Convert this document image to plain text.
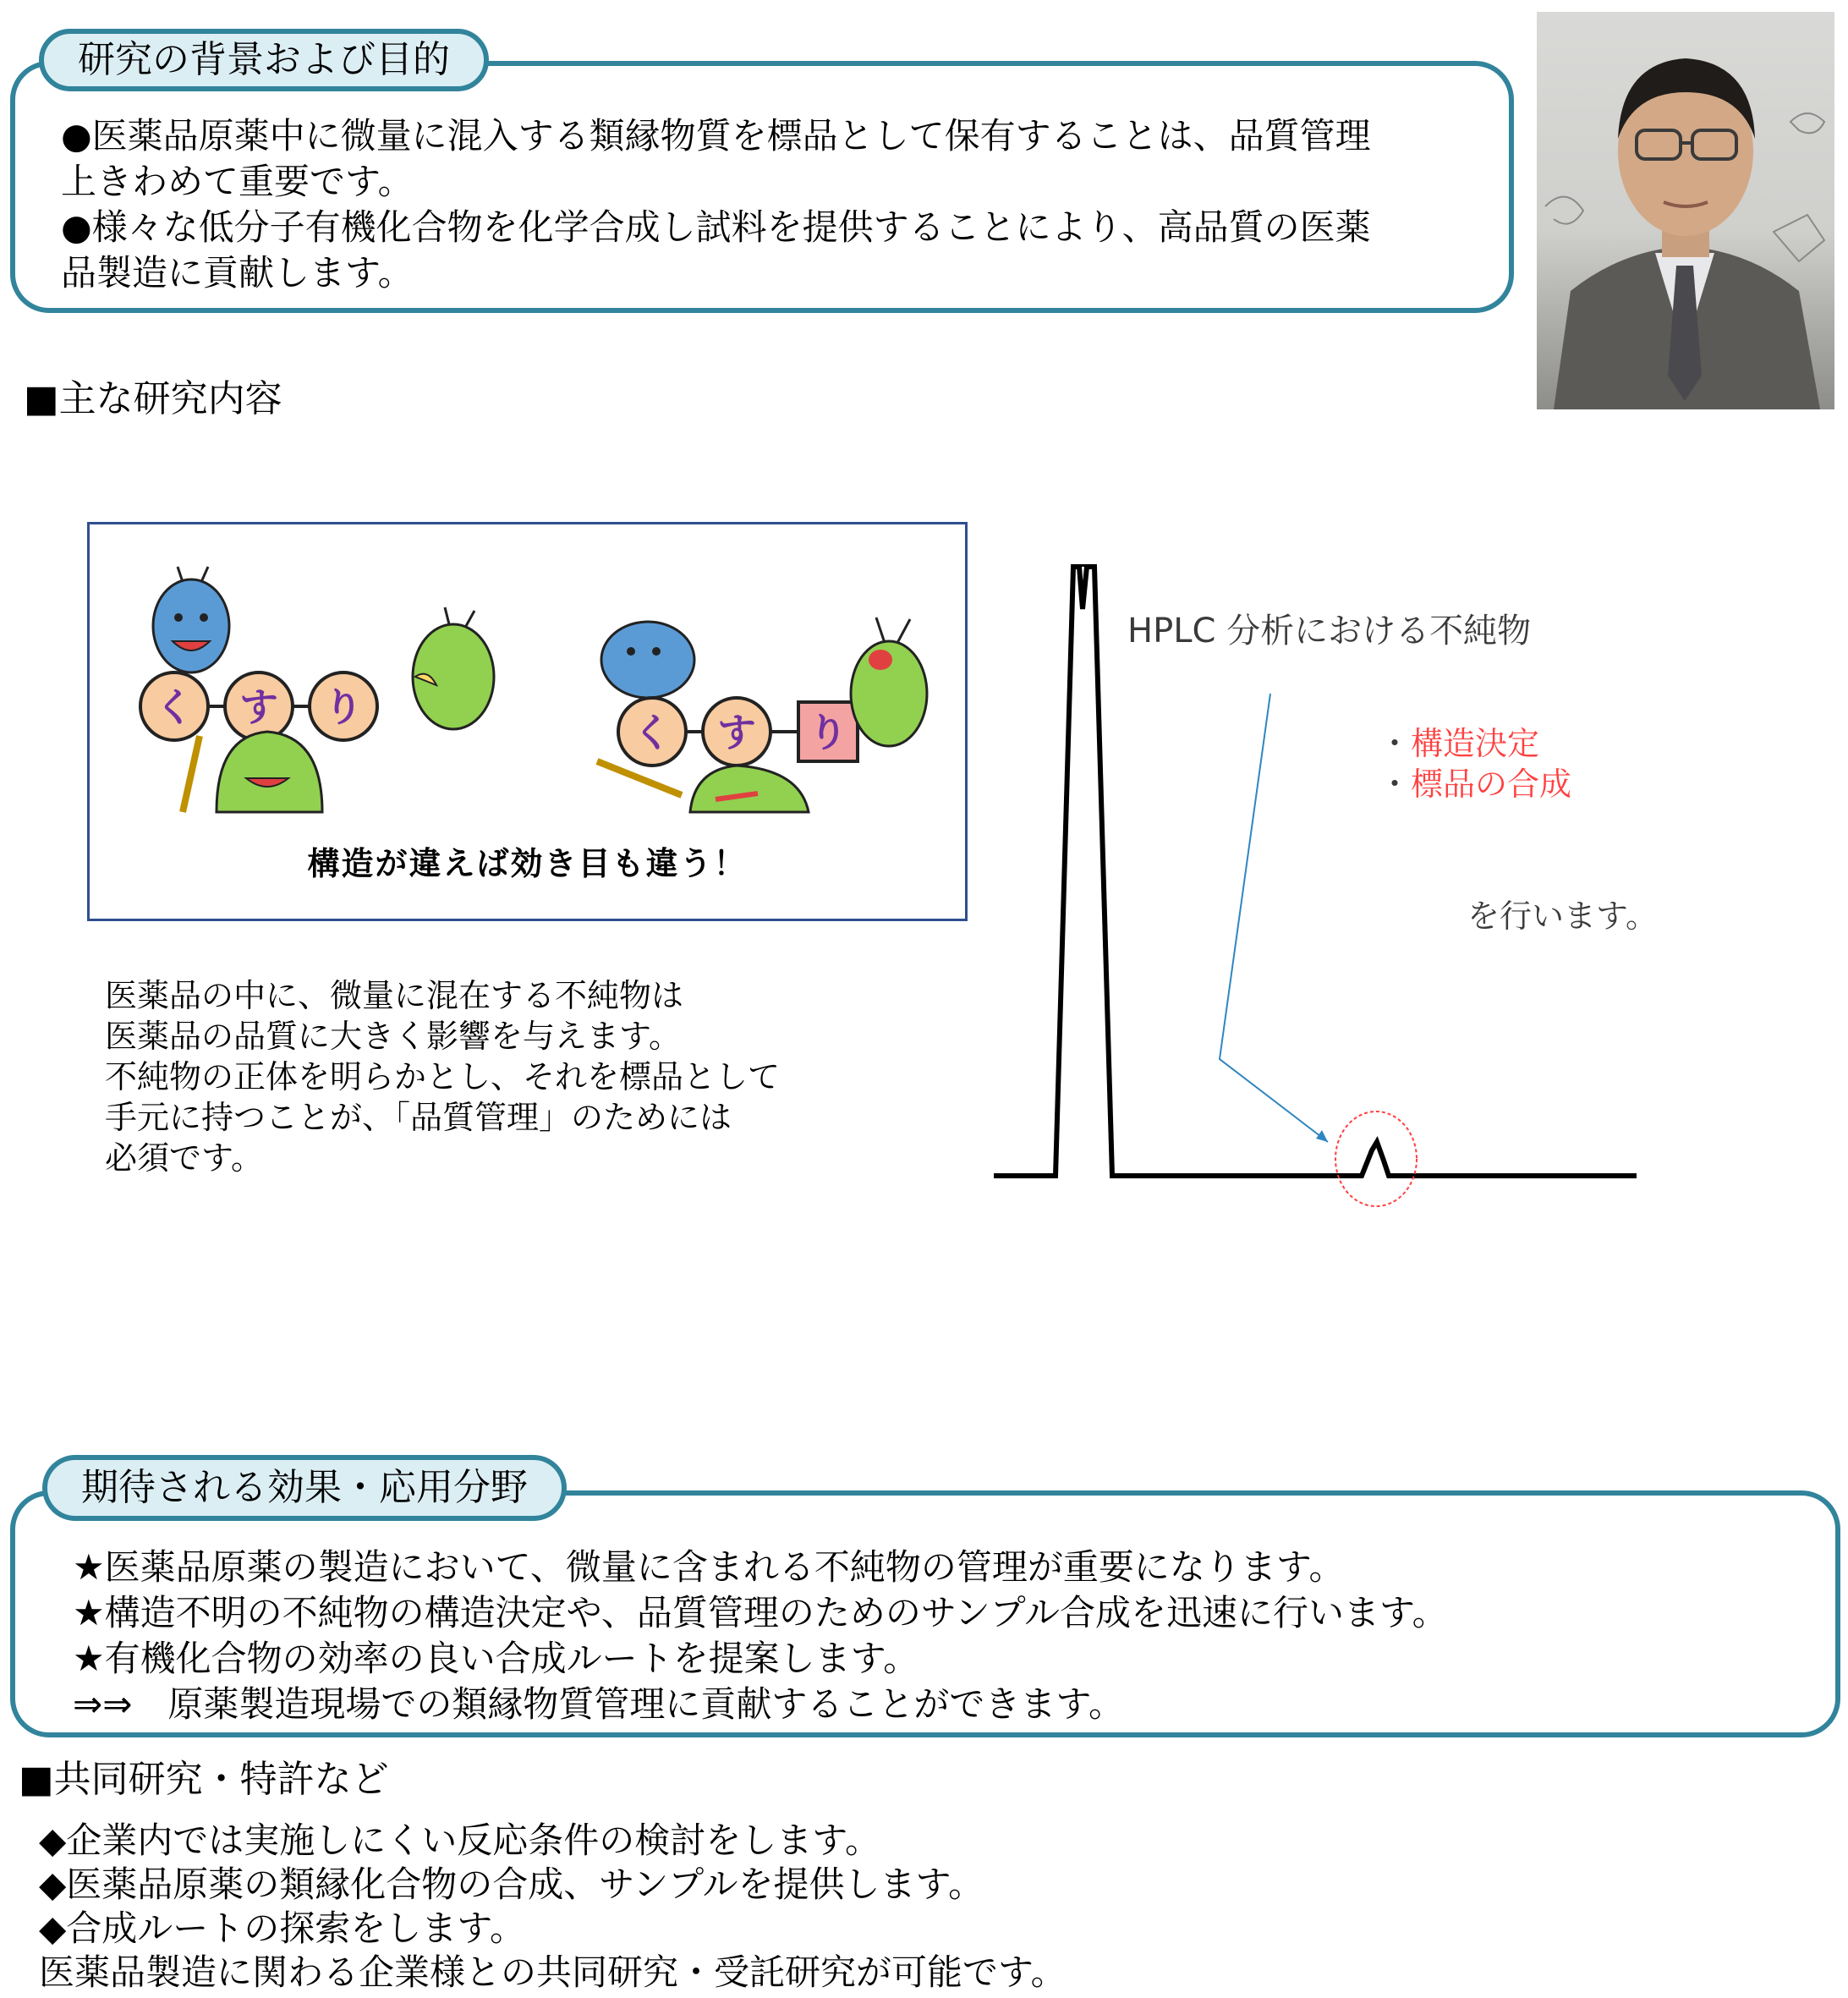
研究の背景および目的
●医薬品原薬中に微量に混入する類縁物質を標品として保有することは、品質管理
上きわめて重要です。
●様々な低分子有機化合物を化学合成し試料を提供することにより、高品質の医薬
品製造に貢献します。
■主な研究内容
く す り
く す り
構造が違えば効き目も違う！
医薬品の中に、微量に混在する不純物は
医薬品の品質に大きく影響を与えます。
不純物の正体を明らかとし、それを標品として
手元に持つことが、「品質管理」のためには
必須です。
HPLC 分析における不純物
・構造決定
・標品の合成
を行います。
期待される効果・応用分野
★医薬品原薬の製造において、微量に含まれる不純物の管理が重要になります。
★構造不明の不純物の構造決定や、品質管理のためのサンプル合成を迅速に行います。
★有機化合物の効率の良い合成ルートを提案します。
⇒⇒　原薬製造現場での類縁物質管理に貢献することができます。
■共同研究・特許など
◆企業内では実施しにくい反応条件の検討をします。
◆医薬品原薬の類縁化合物の合成、サンプルを提供します。
◆合成ルートの探索をします。
医薬品製造に関わる企業様との共同研究・受託研究が可能です。
